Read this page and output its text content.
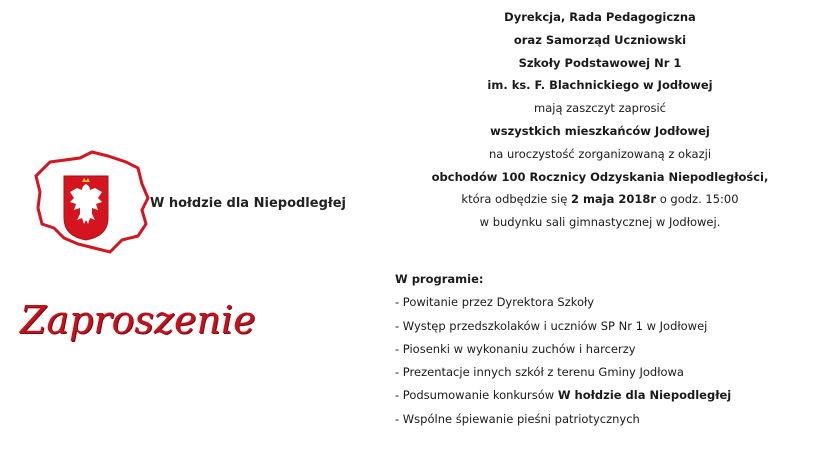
W hołdzie dla Niepodległej
Zaproszenie
Dyrekcja, Rada Pedagogiczna
oraz Samorząd Uczniowski
Szkoły Podstawowej Nr 1
im. ks. F. Blachnickiego w Jodłowej
mają zaszczyt zaprosić
wszystkich mieszkańców Jodłowej
na uroczystość zorganizowaną z okazji
obchodów 100 Rocznicy Odzyskania Niepodległości,
która odbędzie się 2 maja 2018r o godz. 15:00
w budynku sali gimnastycznej w Jodłowej.
W programie:
- Powitanie przez Dyrektora Szkoły
- Występ przedszkolaków i uczniów SP Nr 1 w Jodłowej
- Piosenki w wykonaniu zuchów i harcerzy
- Prezentacje innych szkół z terenu Gminy Jodłowa
- Podsumowanie konkursów W hołdzie dla Niepodległej
- Wspólne śpiewanie pieśni patriotycznych
